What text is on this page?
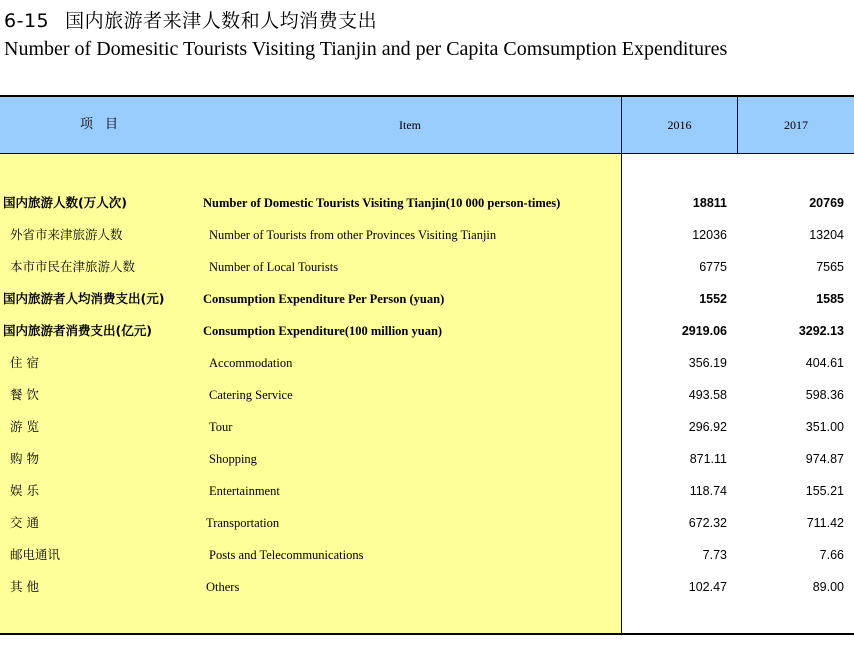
6-15 国内旅游者来津人数和人均消费支出
Number of Domesitic Tourists Visiting Tianjin and per Capita Comsumption Expenditures
项目	Item	2016	2017
国内旅游人数(万人次)	Number of Domestic Tourists Visiting Tianjin(10 000 person-times)	18811	20769
外省市来津旅游人数	Number of Tourists from other Provinces Visiting Tianjin	12036	13204
本市市民在津旅游人数	Number of Local Tourists	6775	7565
国内旅游者人均消费支出(元)	Consumption Expenditure Per Person (yuan)	1552	1585
国内旅游者消费支出(亿元)	Consumption Expenditure(100 million yuan)	2919.06	3292.13
住 宿	Accommodation	356.19	404.61
餐 饮	Catering Service	493.58	598.36
游 览	Tour	296.92	351.00
购 物	Shopping	871.11	974.87
娱 乐	Entertainment	118.74	155.21
交 通	Transportation	672.32	711.42
邮电通讯	Posts and Telecommunications	7.73	7.66
其 他	Others	102.47	89.00
